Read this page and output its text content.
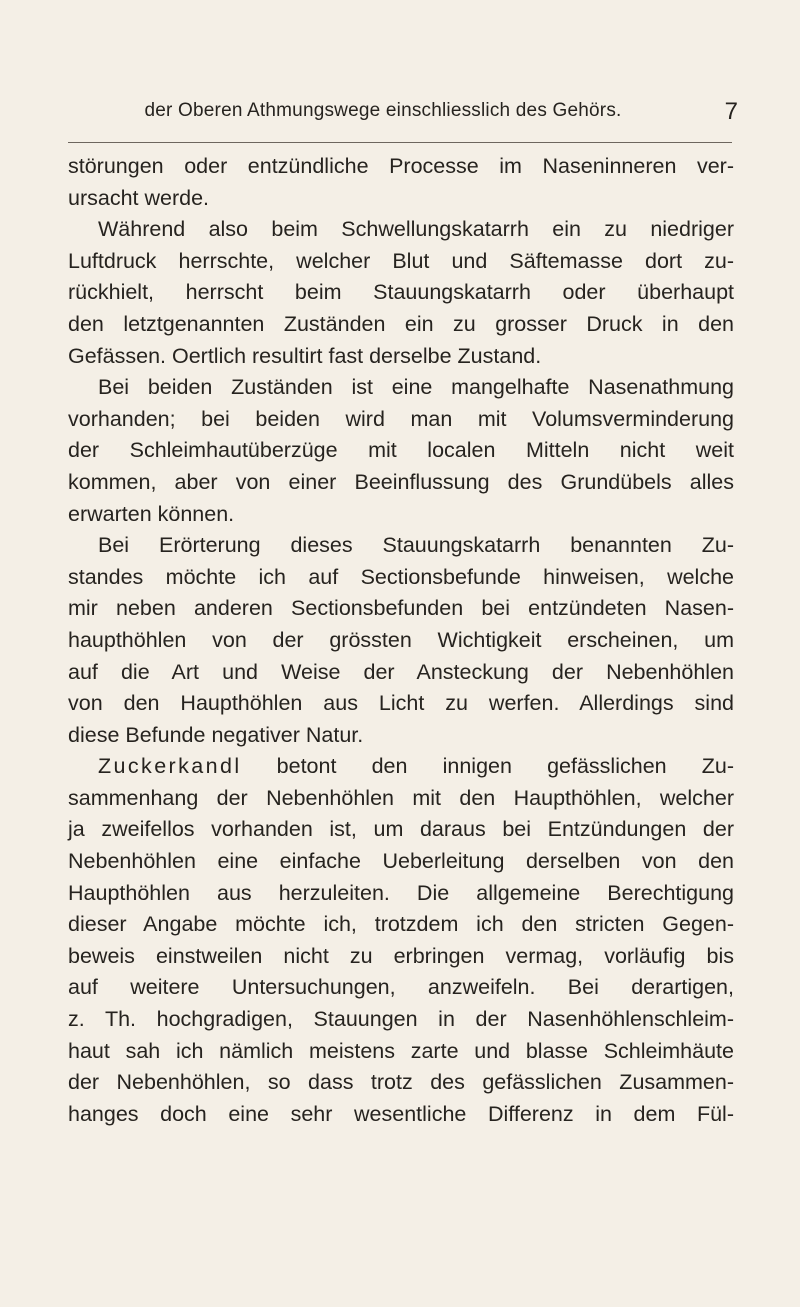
der Oberen Athmungswege einschliesslich des Gehörs.	7
störungen oder entzündliche Processe im Naseninneren ver-
ursacht werde.
Während also beim Schwellungskatarrh ein zu niedriger
Luftdruck herrschte, welcher Blut und Säftemasse dort zu-
rückhielt, herrscht beim Stauungskatarrh oder überhaupt
den letztgenannten Zuständen ein zu grosser Druck in den
Gefässen. Oertlich resultirt fast derselbe Zustand.
Bei beiden Zuständen ist eine mangelhafte Nasenathmung
vorhanden; bei beiden wird man mit Volumsverminderung
der Schleimhautüberzüge mit localen Mitteln nicht weit
kommen, aber von einer Beeinflussung des Grundübels alles
erwarten können.
Bei Erörterung dieses Stauungskatarrh benannten Zu-
standes möchte ich auf Sectionsbefunde hinweisen, welche
mir neben anderen Sectionsbefunden bei entzündeten Nasen-
haupthöhlen von der grössten Wichtigkeit erscheinen, um
auf die Art und Weise der Ansteckung der Nebenhöhlen
von den Haupthöhlen aus Licht zu werfen. Allerdings sind
diese Befunde negativer Natur.
Zuckerkandl betont den innigen gefässlichen Zu-
sammenhang der Nebenhöhlen mit den Haupthöhlen, welcher
ja zweifellos vorhanden ist, um daraus bei Entzündungen der
Nebenhöhlen eine einfache Ueberleitung derselben von den
Haupthöhlen aus herzuleiten. Die allgemeine Berechtigung
dieser Angabe möchte ich, trotzdem ich den stricten Gegen-
beweis einstweilen nicht zu erbringen vermag, vorläufig bis
auf weitere Untersuchungen, anzweifeln. Bei derartigen,
z. Th. hochgradigen, Stauungen in der Nasenhöhlenschleim-
haut sah ich nämlich meistens zarte und blasse Schleimhäute
der Nebenhöhlen, so dass trotz des gefässlichen Zusammen-
hanges doch eine sehr wesentliche Differenz in dem Fül-
